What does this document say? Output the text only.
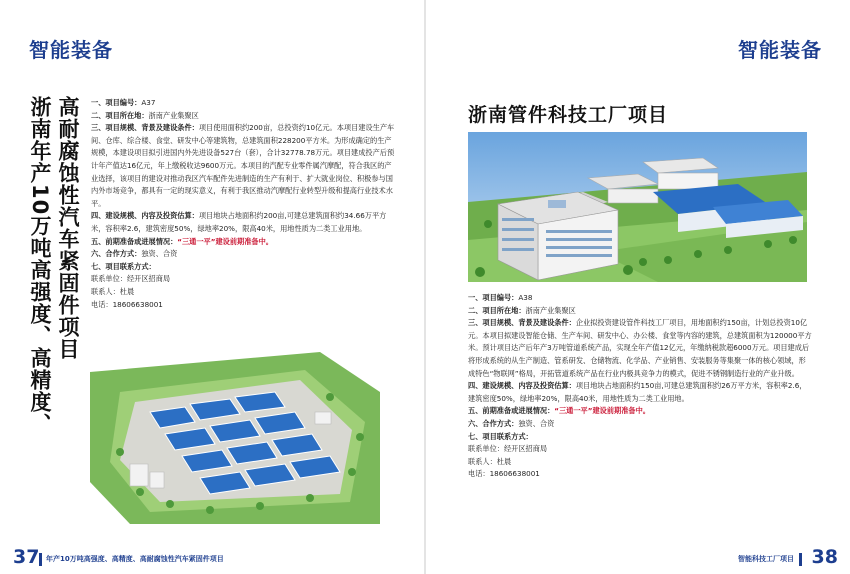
智能装备
高耐腐蚀性汽车紧固件项目
浙南年产10万吨高强度、高精度、	一、项目编号：A37

二、项目所在地：浙南产业集聚区

三、项目规模、背景及建设条件：项目使用面积约200亩，总投资约10亿元。本项目建设生产车间、仓库、综合楼、食堂、研发中心等建筑物，总建筑面积228200平方米。为形成确定的生产规模，本建设项目拟引进国内外先进设备527台（套），合计32778.78万元。项目建成投产后预计年产值达16亿元，年上缴税收达9600万元。本项目的汽配专业零件属汽摩配，符合我区的产业选择，该项目的建设对推动我区汽车配件先进制造的生产有利于、扩大就业岗位、积极参与国内外市场竞争，都具有一定的现实意义，有利于我区推动汽摩配行业转型升级和提高行业技术水平。

四、建设规模、内容及投资估算：项目地块占地面积约200亩,可建总建筑面积约34.66万平方米，容积率2.6，建筑密度50%，绿地率20%，限高40米，用地性质为二类工业用地。

五、前期准备或进展情况：“三通一平”建设前期准备中。

六、合作方式：独资、合资

七、项目联系方式：

联系单位：经开区招商局

联系人：杜晨

电话：18606638001

37 年产10万吨高强度、高精度、高耐腐蚀性汽车紧固件项目
智能装备
浙南管件科技工厂项目

一、项目编号：A38

二、项目所在地：浙南产业集聚区

三、项目规模、背景及建设条件：企业拟投资建设管件科技工厂项目，用地面积约150亩，计划总投资10亿元。本项目拟建设智能仓储、生产车间、研发中心、办公楼、食堂等内容的建筑，总建筑面积为120000平方米。预计项目达产后年产3万吨管道系统产品，实现全年产值12亿元，年缴纳税款超6000万元。项目建成后将形成系统的从生产制造、管系研发、仓储物流、化学品、产业销售、安装服务等集聚一体的核心领域，形成特色“物联网”格局，开拓管道系统产品在行业内极具竞争力的模式，促进不锈钢制造行业的产业升级。

四、建设规模、内容及投资估算：项目地块占地面积约150亩,可建总建筑面积约26万平方米，容积率2.6，建筑密度50%，绿地率20%，限高40米，用地性质为二类工业用地。

五、前期准备或进展情况：“三通一平”建设前期准备中。

六、合作方式：独资、合资

七、项目联系方式：

联系单位：经开区招商局

联系人：杜晨

电话：18606638001

智能科技工厂项目 38
